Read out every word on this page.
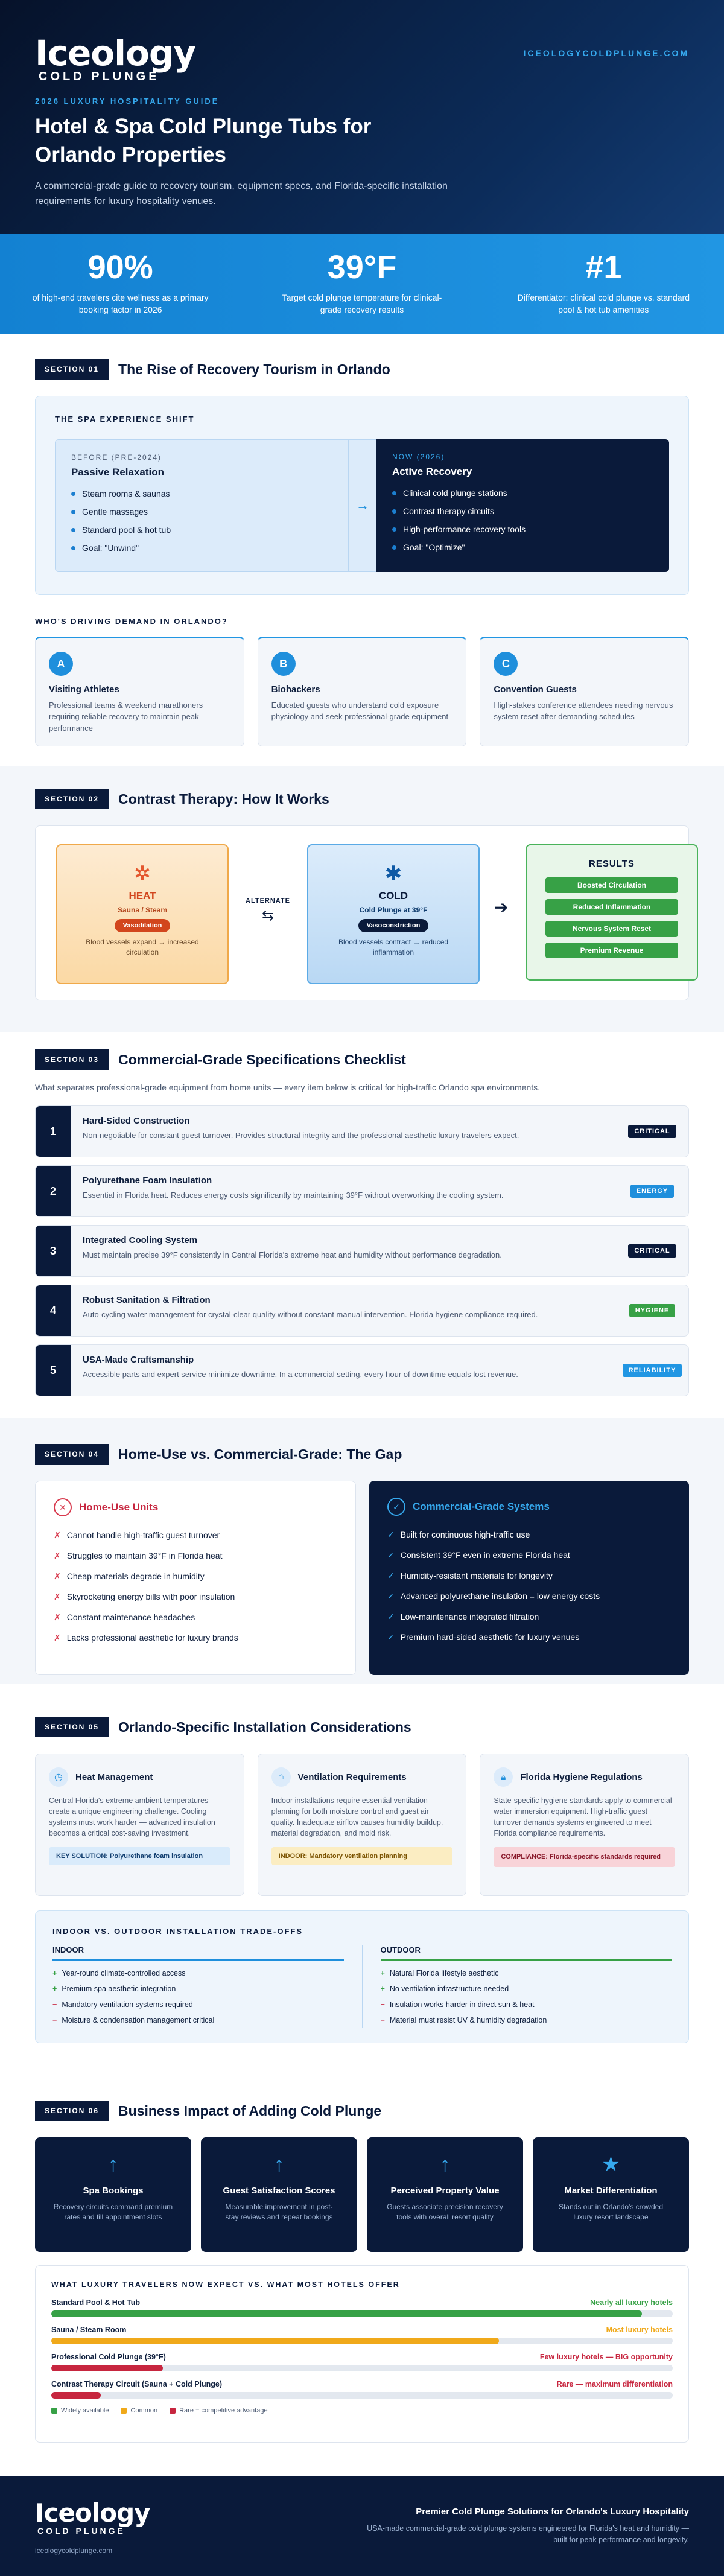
Iceology
COLD PLUNGE
ICEOLOGYCOLDPLUNGE.COM
2026 LUXURY HOSPITALITY GUIDE
Hotel & Spa Cold Plunge Tubs for Orlando Properties
A commercial-grade guide to recovery tourism, equipment specs, and Florida-specific installation requirements for luxury hospitality venues.
90%
of high-end travelers cite wellness as a primary booking factor in 2026
39°F
Target cold plunge temperature for clinical-grade recovery results
#1
Differentiator: clinical cold plunge vs. standard pool & hot tub amenities
SECTION 01	The Rise of Recovery Tourism in Orlando
THE SPA EXPERIENCE SHIFT
BEFORE (PRE-2024)
Passive Relaxation
Steam rooms & saunas
Gentle massages
Standard pool & hot tub
Goal: "Unwind"
→
NOW (2026)
Active Recovery
Clinical cold plunge stations
Contrast therapy circuits
High-performance recovery tools
Goal: "Optimize"
WHO'S DRIVING DEMAND IN ORLANDO?
A
Visiting Athletes
Professional teams & weekend marathoners requiring reliable recovery to maintain peak performance
B
Biohackers
Educated guests who understand cold exposure physiology and seek professional-grade equipment
C
Convention Guests
High-stakes conference attendees needing nervous system reset after demanding schedules
SECTION 02	Contrast Therapy: How It Works
✲
HEAT
Sauna / Steam
Vasodilation
Blood vessels expand → increased circulation
ALTERNATE
⇆
✱
COLD
Cold Plunge at 39°F
Vasoconstriction
Blood vessels contract → reduced inflammation
➔
RESULTS
Boosted Circulation
Reduced Inflammation
Nervous System Reset
Premium Revenue
SECTION 03	Commercial-Grade Specifications Checklist
What separates professional-grade equipment from home units — every item below is critical for high-traffic Orlando spa environments.
1
Hard-Sided Construction
Non-negotiable for constant guest turnover. Provides structural integrity and the professional aesthetic luxury travelers expect.	CRITICAL
2
Polyurethane Foam Insulation
Essential in Florida heat. Reduces energy costs significantly by maintaining 39°F without overworking the cooling system.	ENERGY
3
Integrated Cooling System
Must maintain precise 39°F consistently in Central Florida's extreme heat and humidity without performance degradation.	CRITICAL
4
Robust Sanitation & Filtration
Auto-cycling water management for crystal-clear quality without constant manual intervention. Florida hygiene compliance required.	HYGIENE
5
USA-Made Craftsmanship
Accessible parts and expert service minimize downtime. In a commercial setting, every hour of downtime equals lost revenue.	RELIABILITY
SECTION 04	Home-Use vs. Commercial-Grade: The Gap
✕	Home-Use Units
✗ Cannot handle high-traffic guest turnover
✗ Struggles to maintain 39°F in Florida heat
✗ Cheap materials degrade in humidity
✗ Skyrocketing energy bills with poor insulation
✗ Constant maintenance headaches
✗ Lacks professional aesthetic for luxury brands
✓	Commercial-Grade Systems
✓ Built for continuous high-traffic use
✓ Consistent 39°F even in extreme Florida heat
✓ Humidity-resistant materials for longevity
✓ Advanced polyurethane insulation = low energy costs
✓ Low-maintenance integrated filtration
✓ Premium hard-sided aesthetic for luxury venues
SECTION 05	Orlando-Specific Installation Considerations
◷	Heat Management
Central Florida's extreme ambient temperatures create a unique engineering challenge. Cooling systems must work harder — advanced insulation becomes a critical cost-saving investment.
KEY SOLUTION: Polyurethane foam insulation
⌂	Ventilation Requirements
Indoor installations require essential ventilation planning for both moisture control and guest air quality. Inadequate airflow causes humidity buildup, material degradation, and mold risk.
INDOOR: Mandatory ventilation planning
🔒︎	Florida Hygiene Regulations
State-specific hygiene standards apply to commercial water immersion equipment. High-traffic guest turnover demands systems engineered to meet Florida compliance requirements.
COMPLIANCE: Florida-specific standards required
INDOOR VS. OUTDOOR INSTALLATION TRADE-OFFS
INDOOR
+ Year-round climate-controlled access
+ Premium spa aesthetic integration
− Mandatory ventilation systems required
− Moisture & condensation management critical
OUTDOOR
+ Natural Florida lifestyle aesthetic
+ No ventilation infrastructure needed
− Insulation works harder in direct sun & heat
− Material must resist UV & humidity degradation
SECTION 06	Business Impact of Adding Cold Plunge
↑
Spa Bookings
Recovery circuits command premium rates and fill appointment slots
↑
Guest Satisfaction Scores
Measurable improvement in post-stay reviews and repeat bookings
↑
Perceived Property Value
Guests associate precision recovery tools with overall resort quality
★
Market Differentiation
Stands out in Orlando's crowded luxury resort landscape
WHAT LUXURY TRAVELERS NOW EXPECT VS. WHAT MOST HOTELS OFFER
Standard Pool & Hot Tub	Nearly all luxury hotels
Sauna / Steam Room	Most luxury hotels
Professional Cold Plunge (39°F)	Few luxury hotels — BIG opportunity
Contrast Therapy Circuit (Sauna + Cold Plunge)	Rare — maximum differentiation
Widely available	Common	Rare = competitive advantage
Iceology
COLD PLUNGE
iceologycoldplunge.com
Premier Cold Plunge Solutions for Orlando's Luxury Hospitality
USA-made commercial-grade cold plunge systems engineered for Florida's heat and humidity — built for peak performance and longevity.
